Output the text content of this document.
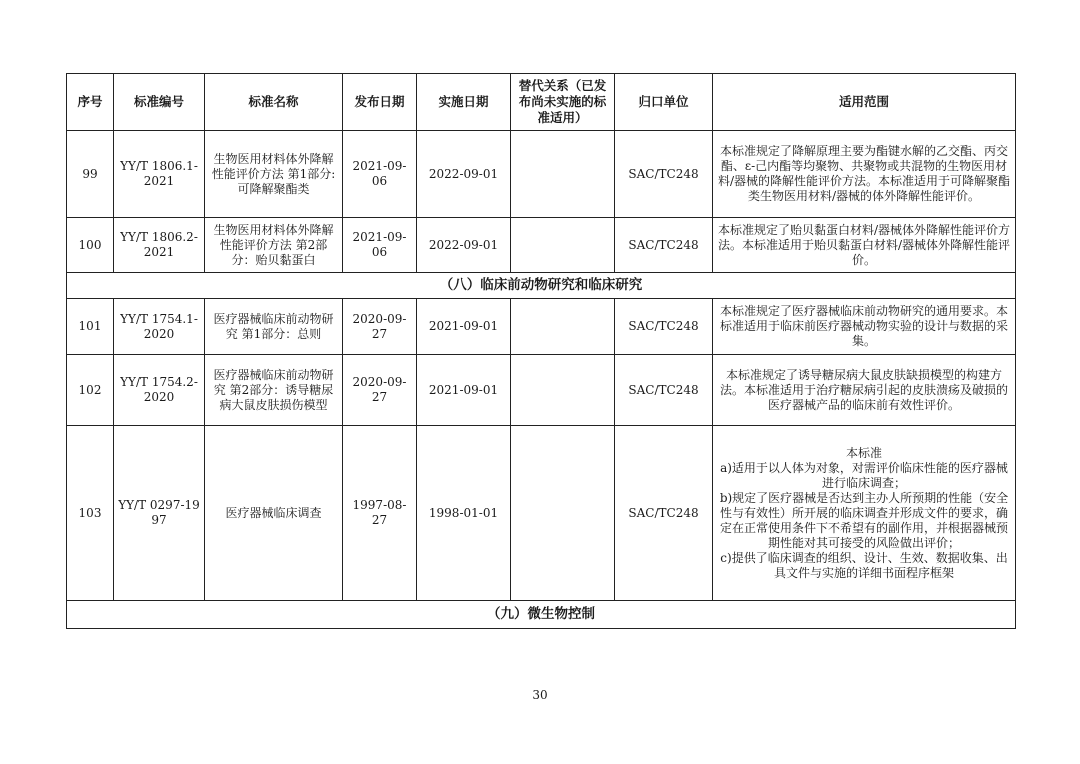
序号	标准编号	标准名称	发布日期	实施日期	替代关系（已发布尚未实施的标准适用）	归口单位	适用范围
99	YY/T 1806.1-2021	生物医用材料体外降解性能评价方法 第1部分:可降解聚酯类	2021-09-06	2022-09-01		SAC/TC248	本标准规定了降解原理主要为酯键水解的乙交酯、丙交酯、ε-己内酯等均聚物、共聚物或共混物的生物医用材料/器械的降解性能评价方法。本标准适用于可降解聚酯类生物医用材料/器械的体外降解性能评价。

100	YY/T 1806.2-2021	生物医用材料体外降解性能评价方法 第2部分：贻贝黏蛋白	2021-09-06	2022-09-01		SAC/TC248	本标准规定了贻贝黏蛋白材料/器械体外降解性能评价方法。本标准适用于贻贝黏蛋白材料/器械体外降解性能评价。

（八）临床前动物研究和临床研究							
101	YY/T 1754.1-2020	医疗器械临床前动物研究 第1部分：总则	2020-09-27	2021-09-01		SAC/TC248	本标准规定了医疗器械临床前动物研究的通用要求。本标准适用于临床前医疗器械动物实验的设计与数据的采集。

102	YY/T 1754.2-2020	医疗器械临床前动物研究 第2部分：诱导糖尿病大鼠皮肤损伤模型	2020-09-27	2021-09-01		SAC/TC248	本标准规定了诱导糖尿病大鼠皮肤缺损模型的构建方法。本标准适用于治疗糖尿病引起的皮肤溃疡及破损的医疗器械产品的临床前有效性评价。

103	YY/T 0297-1997	医疗器械临床调查	1997-08-27	1998-01-01		SAC/TC248	本标准
a)适用于以人体为对象，对需评价临床性能的医疗器械进行临床调查；
b)规定了医疗器械是否达到主办人所预期的性能（安全性与有效性）所开展的临床调查并形成文件的要求，确定在正常使用条件下不希望有的副作用，并根据器械预期性能对其可接受的风险做出评价；
c)提供了临床调查的组织、设计、生效、数据收集、出具文件与实施的详细书面程序框架

（九）微生物控制							
30
